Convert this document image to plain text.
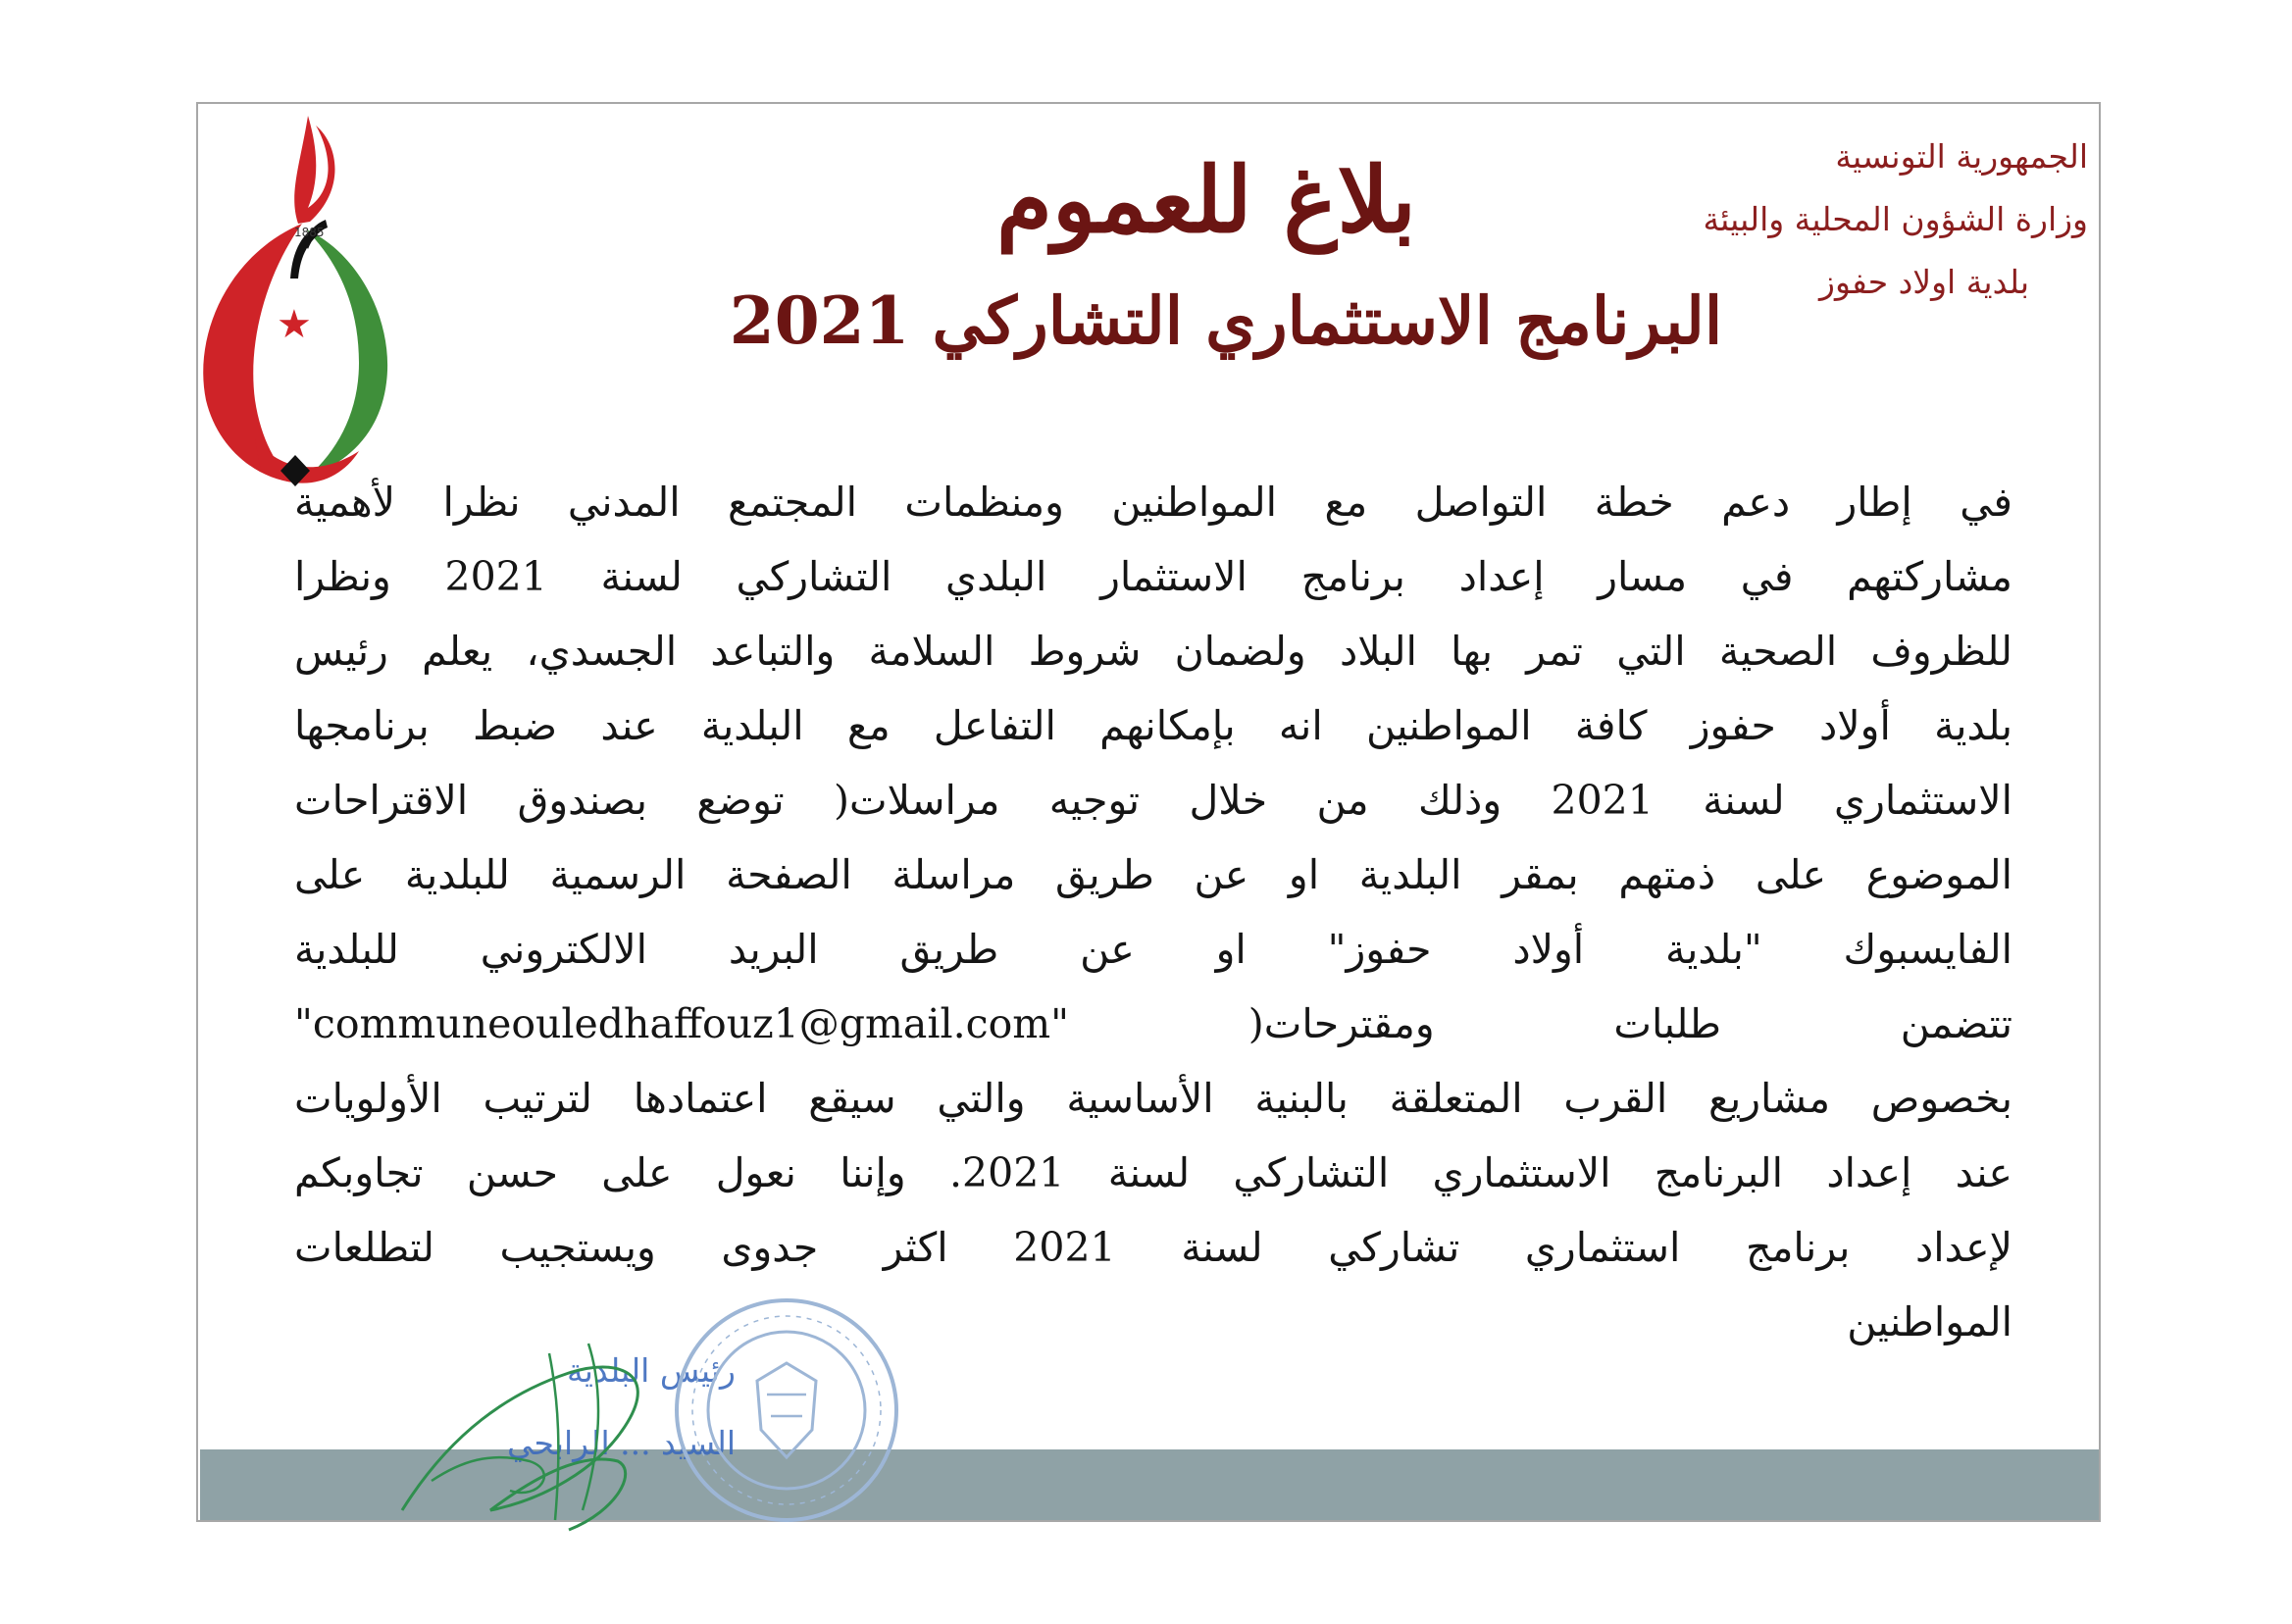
1885
★
الجمهورية التونسية
وزارة الشؤون المحلية والبيئة
بلدية اولاد حفوز
بلاغ للعموم
البرنامج الاستثماري التشاركي 2021
في إطار دعم خطة التواصل مع المواطنين ومنظمات المجتمع المدني نظرا لأهمية
مشاركتهم في مسار إعداد برنامج الاستثمار البلدي التشاركي لسنة 2021 ونظرا
للظروف الصحية التي تمر بها البلاد ولضمان شروط السلامة والتباعد الجسدي، يعلم رئيس
بلدية أولاد حفوز كافة المواطنين انه بإمكانهم التفاعل مع البلدية عند ضبط برنامجها
الاستثماري لسنة 2021 وذلك من خلال توجيه مراسلات( توضع بصندوق الاقتراحات
الموضوع على ذمتهم بمقر البلدية او عن طريق مراسلة الصفحة الرسمية للبلدية على
الفايسبوك "بلدية أولاد حفوز" او عن طريق البريد الالكتروني للبلدية
"communeouledhaffouz1@gmail.com" )تتضمن طلبات ومقترحات
بخصوص مشاريع القرب المتعلقة بالبنية الأساسية والتي سيقع اعتمادها لترتيب الأولويات
عند إعداد البرنامج الاستثماري التشاركي لسنة 2021. وإننا نعول على حسن تجاوبكم
لإعداد برنامج استثماري تشاركي لسنة 2021 اكثر جدوى ويستجيب لتطلعات
المواطنين
رئيس البلدية
السيد ... الرابحي
